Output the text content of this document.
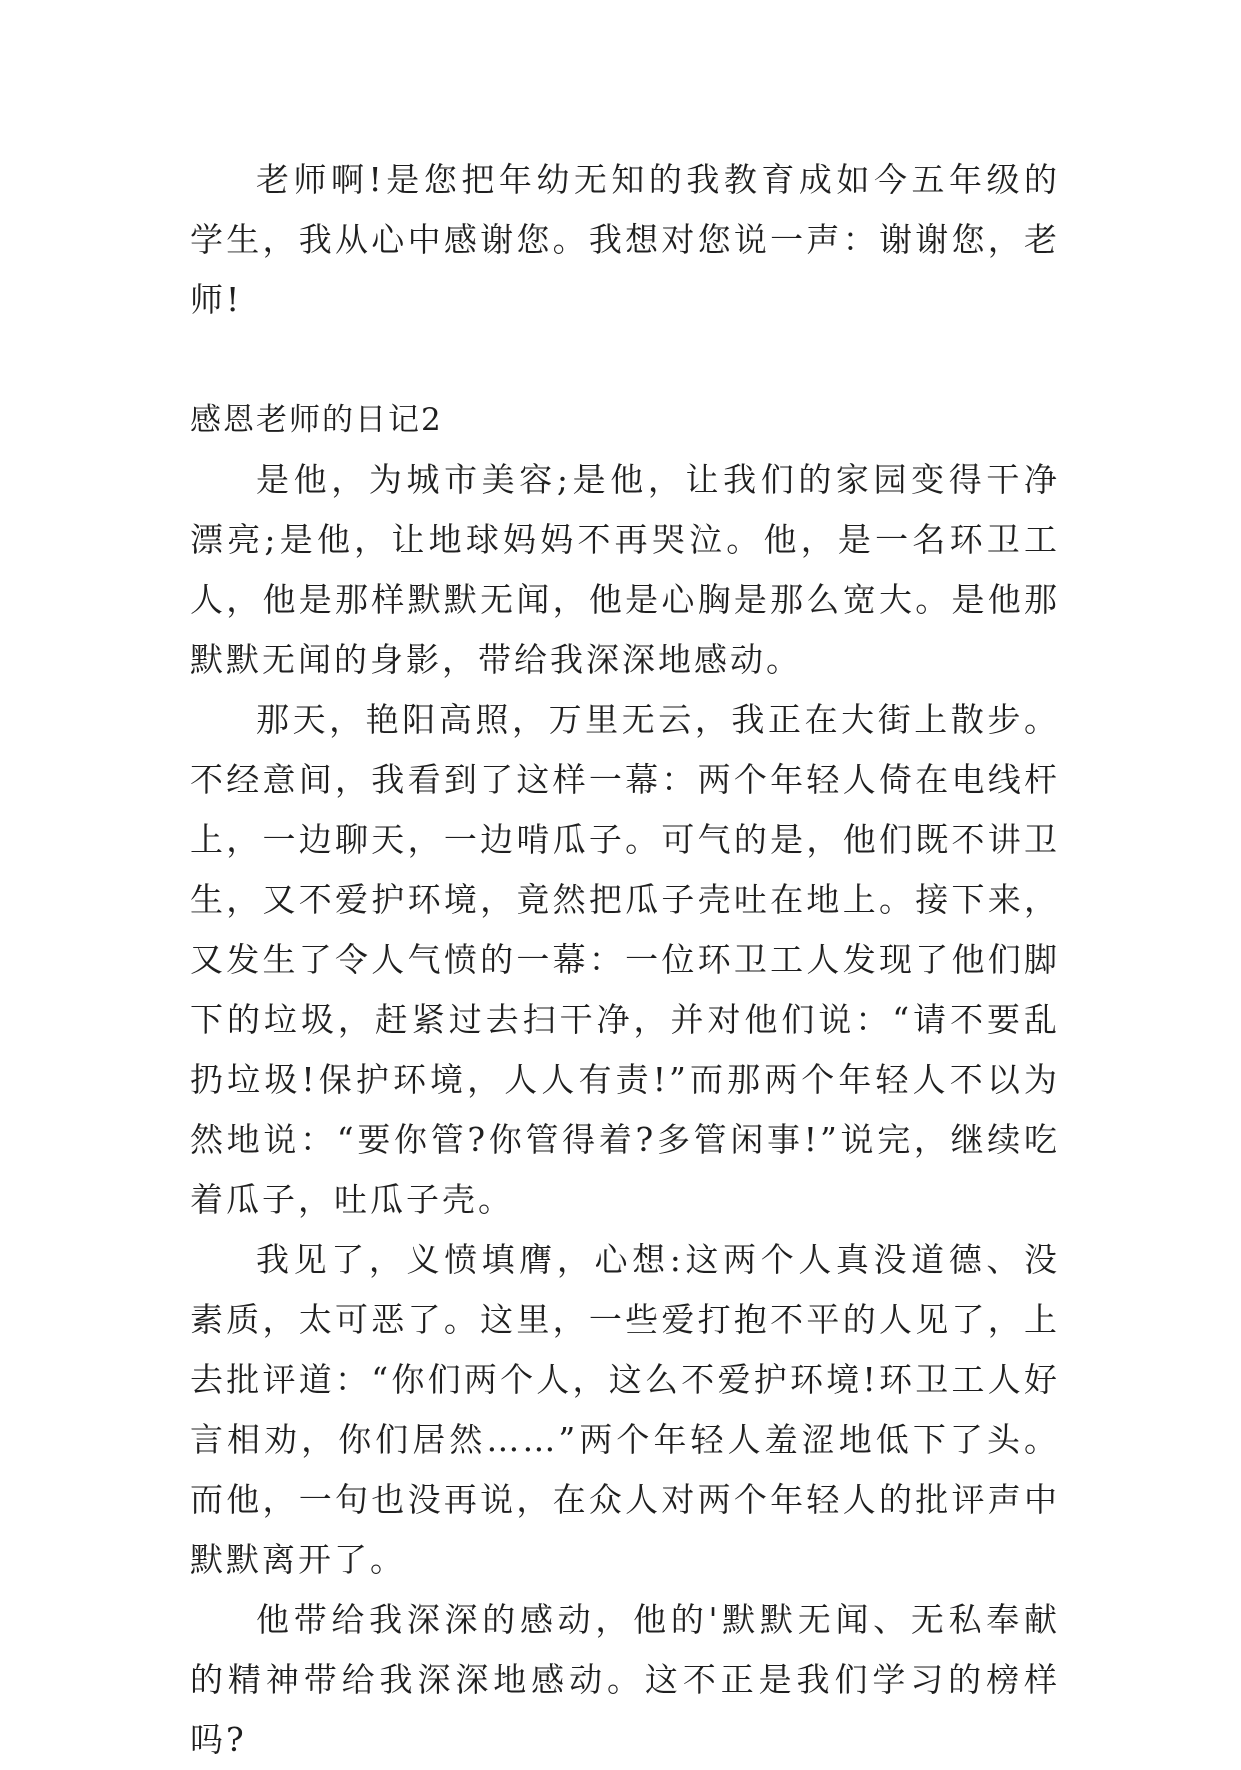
老师啊!是您把年幼无知的我教育成如今五年级的学生，我从心中感谢您。我想对您说一声：谢谢您，老师!

感恩老师的日记2

是他，为城市美容;是他，让我们的家园变得干净漂亮;是他，让地球妈妈不再哭泣。他，是一名环卫工人，他是那样默默无闻，他是心胸是那么宽大。是他那默默无闻的身影，带给我深深地感动。

那天，艳阳高照，万里无云，我正在大街上散步。不经意间，我看到了这样一幕：两个年轻人倚在电线杆上，一边聊天，一边啃瓜子。可气的是，他们既不讲卫生，又不爱护环境，竟然把瓜子壳吐在地上。接下来，又发生了令人气愤的一幕：一位环卫工人发现了他们脚下的垃圾，赶紧过去扫干净，并对他们说：“请不要乱扔垃圾!保护环境，人人有责!”而那两个年轻人不以为然地说：“要你管?你管得着?多管闲事!”说完，继续吃着瓜子，吐瓜子壳。

我见了，义愤填膺，心想:这两个人真没道德、没素质，太可恶了。这里，一些爱打抱不平的人见了，上去批评道：“你们两个人，这么不爱护环境!环卫工人好言相劝，你们居然……”两个年轻人羞涩地低下了头。而他，一句也没再说，在众人对两个年轻人的批评声中默默离开了。

他带给我深深的感动，他的'默默无闻、无私奉献的精神带给我深深地感动。这不正是我们学习的榜样吗?
